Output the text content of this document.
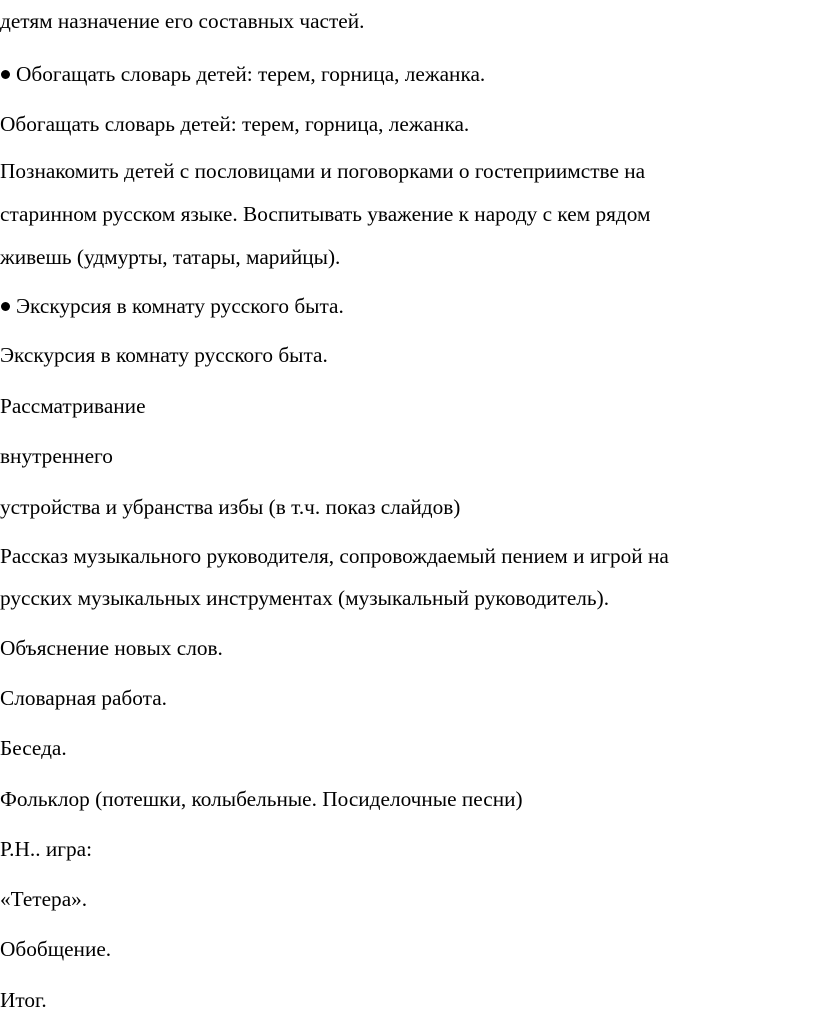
детям назначение его составных частей.
Обогащать словарь детей: терем, горница, лежанка.
Обогащать словарь детей: терем, горница, лежанка.
Познакомить детей с пословицами и поговорками о гостеприимстве на
старинном русском языке. Воспитывать уважение к народу с кем рядом
живешь (удмурты, татары, марийцы).
Экскурсия в комнату русского быта.
Экскурсия в комнату русского быта.
Рассматривание
внутреннего
устройства и убранства избы (в т.ч. показ слайдов)
Рассказ музыкального руководителя, сопровождаемый пением и игрой на
русских музыкальных инструментах (музыкальный руководитель).
Объяснение новых слов.
Словарная работа.
Беседа.
Фольклор (потешки, колыбельные. Посиделочные песни)
Р.Н.. игра:
«Тетера».
Обобщение.
Итог.
